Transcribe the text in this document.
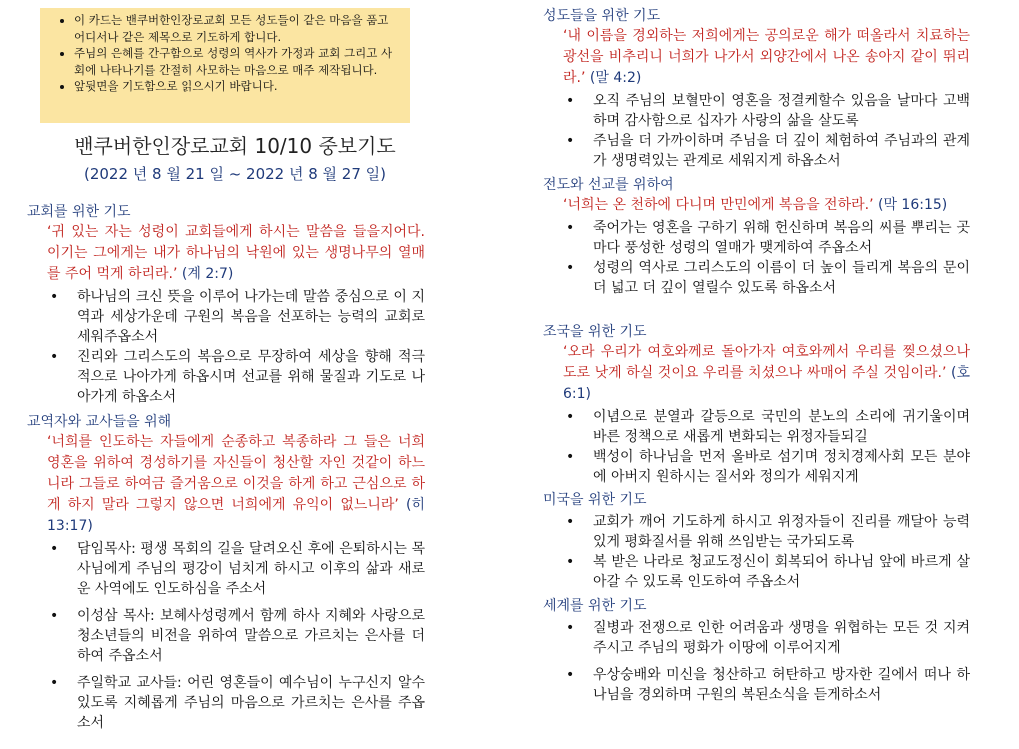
• 이 카드는 밴쿠버한인장로교회 모든 성도들이 같은 마음을 품고 어디서나 같은 제목으로 기도하게 합니다.
• 주님의 은혜를 간구함으로 성령의 역사가 가정과 교회 그리고 사회에 나타나기를 간절히 사모하는 마음으로 매주 제작됩니다.
• 앞뒷면을 기도함으로 읽으시기 바랍니다.
밴쿠버한인장로교회 10/10 중보기도
(2022 년 8 월 21 일 ~ 2022 년 8 월 27 일)
교회를 위한 기도
‘귀 있는 자는 성령이 교회들에게 하시는 말씀을 들을지어다. 이기는 그에게는 내가 하나님의 낙원에 있는 생명나무의 열매를 주어 먹게 하리라.’ (계 2:7)
• 하나님의 크신 뜻을 이루어 나가는데 말씀 중심으로 이 지역과 세상가운데 구원의 복음을 선포하는 능력의 교회로 세워주옵소서
• 진리와 그리스도의 복음으로 무장하여 세상을 향해 적극적으로 나아가게 하옵시며 선교를 위해 물질과 기도로 나아가게 하옵소서
교역자와 교사들을 위해
‘너희를 인도하는 자들에게 순종하고 복종하라 그 들은 너희 영혼을 위하여 경성하기를 자신들이 청산할 자인 것같이 하느니라 그들로 하여금 즐거움으로 이것을 하게 하고 근심으로 하게 하지 말라 그렇지 않으면 너희에게 유익이 없느니라’ (히 13:17)
• 담임목사: 평생 목회의 길을 달려오신 후에 은퇴하시는 목사님에게 주님의 평강이 넘치게 하시고 이후의 삶과 새로운 사역에도 인도하심을 주소서
• 이성삼 목사: 보혜사성령께서 함께 하사 지혜와 사랑으로 청소년들의 비전을 위하여 말씀으로 가르치는 은사를 더하여 주옵소서
• 주일학교 교사들: 어린 영혼들이 예수님이 누구신지 알수있도록 지혜롭게 주님의 마음으로 가르치는 은사를 주옵소서
성도들을 위한 기도
‘내 이름을 경외하는 저희에게는 공의로운 해가 떠올라서 치료하는 광선을 비추리니 너희가 나가서 외양간에서 나온 송아지 같이 뛰리라.’ (말 4:2)
• 오직 주님의 보혈만이 영혼을 정결케할수 있음을 날마다 고백하며 감사함으로 십자가 사랑의 삶을 살도록
• 주님을 더 가까이하며 주님을 더 깊이 체험하여 주님과의 관계가 생명력있는 관계로 세워지게 하옵소서
전도와 선교를 위하여
‘너희는 온 천하에 다니며 만민에게 복음을 전하라.’ (막 16:15)
• 죽어가는 영혼을 구하기 위해 헌신하며 복음의 씨를 뿌리는 곳마다 풍성한 성령의 열매가 맺게하여 주옵소서
• 성령의 역사로 그리스도의 이름이 더 높이 들리게 복음의 문이 더 넓고 더 깊이 열릴수 있도록 하옵소서
조국을 위한 기도
‘오라 우리가 여호와께로 돌아가자 여호와께서 우리를 찢으셨으나 도로 낫게 하실 것이요 우리를 치셨으나 싸매어 주실 것임이라.’ (호 6:1)
• 이념으로 분열과 갈등으로 국민의 분노의 소리에 귀기울이며 바른 정책으로 새롭게 변화되는 위정자들되길
• 백성이 하나님을 먼저 올바로 섬기며 정치경제사회 모든 분야에 아버지 원하시는 질서와 정의가 세워지게
미국을 위한 기도
• 교회가 깨어 기도하게 하시고 위정자들이 진리를 깨달아 능력있게 평화질서를 위해 쓰임받는 국가되도록
• 복 받은 나라로 청교도정신이 회복되어 하나님 앞에 바르게 살아갈 수 있도록 인도하여 주옵소서
세계를 위한 기도
• 질병과 전쟁으로 인한 어려움과 생명을 위협하는 모든 것 지켜주시고 주님의 평화가 이땅에 이루어지게
• 우상숭배와 미신을 청산하고 허탄하고 방자한 길에서 떠나 하나님을 경외하며 구원의 복된소식을 듣게하소서
